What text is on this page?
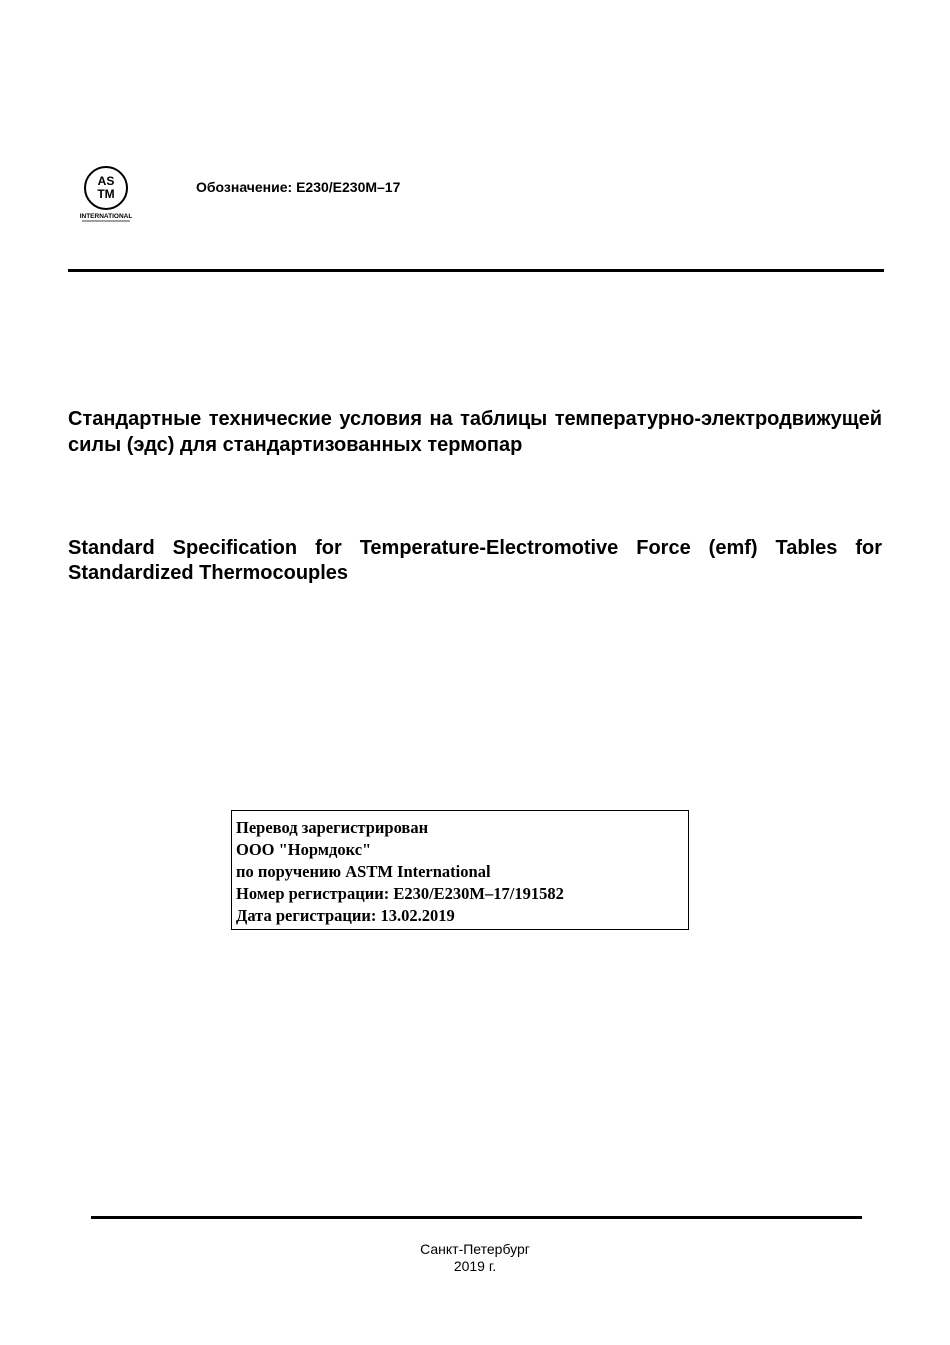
AS
TM
INTERNATIONAL
Обозначение: E230/E230M–17
Стандартные технические условия на таблицы температурно-электродвижущей силы (эдс) для стандартизованных термопар
Standard Specification for Temperature-Electromotive Force (emf) Tables for Standardized Thermocouples
Перевод зарегистрирован
ООО "Нормдокс"
по поручению ASTM International
Номер регистрации: E230/E230M–17/191582
Дата регистрации: 13.02.2019
Санкт-Петербург
2019 г.
